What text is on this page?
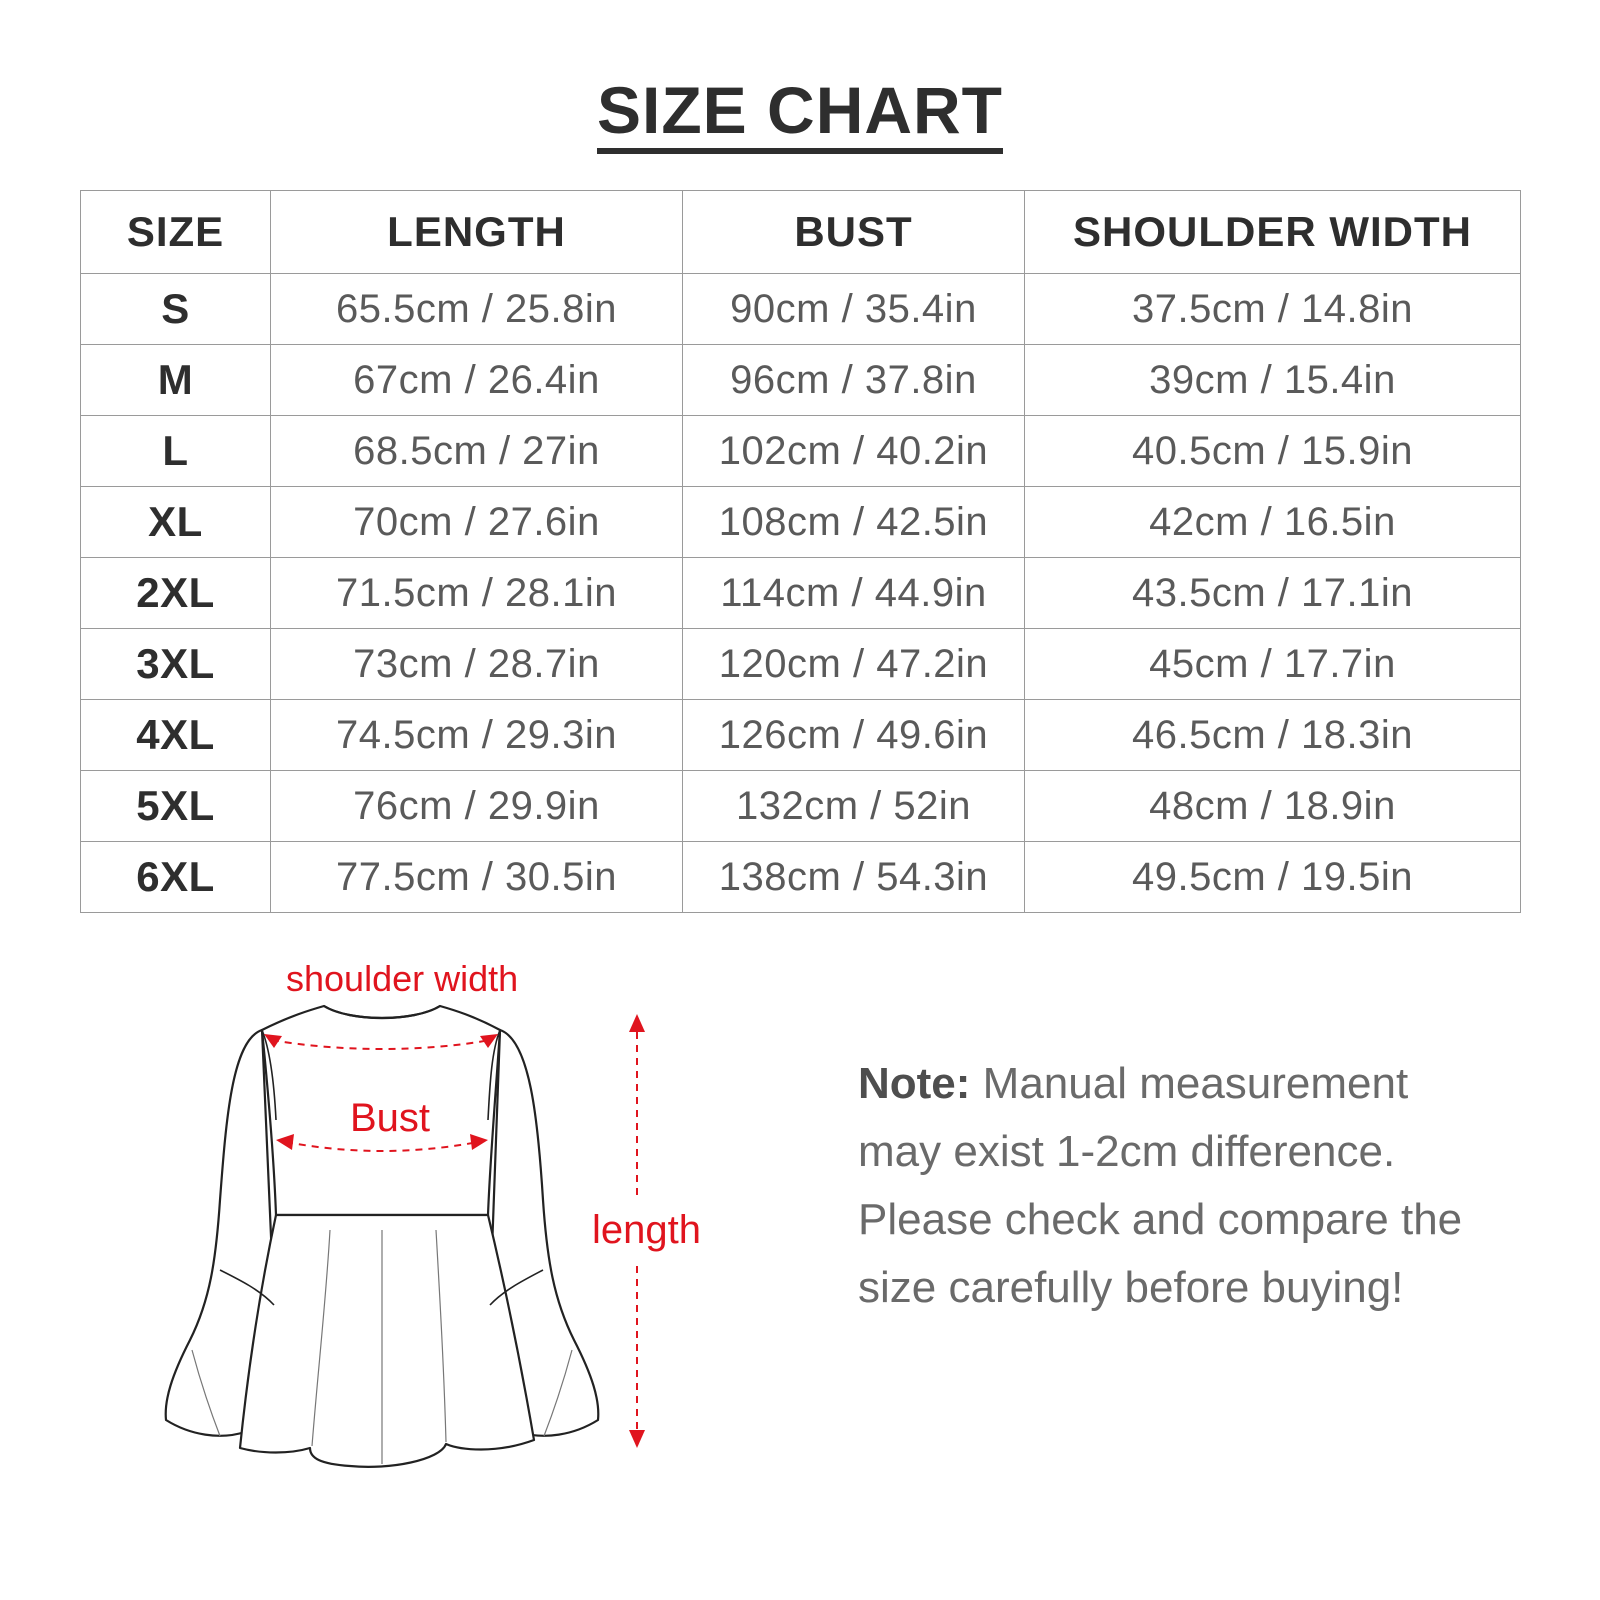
SIZE CHART
SIZE	LENGTH	BUST	SHOULDER WIDTH
S	65.5cm / 25.8in	90cm / 35.4in	37.5cm / 14.8in
M	67cm / 26.4in	96cm / 37.8in	39cm / 15.4in
L	68.5cm / 27in	102cm / 40.2in	40.5cm / 15.9in
XL	70cm / 27.6in	108cm / 42.5in	42cm / 16.5in
2XL	71.5cm / 28.1in	114cm / 44.9in	43.5cm / 17.1in
3XL	73cm / 28.7in	120cm / 47.2in	45cm / 17.7in
4XL	74.5cm / 29.3in	126cm / 49.6in	46.5cm / 18.3in
5XL	76cm / 29.9in	132cm / 52in	48cm / 18.9in
6XL	77.5cm / 30.5in	138cm / 54.3in	49.5cm / 19.5in
shoulder width
Bust
length
Note: Manual measurement may exist 1-2cm difference. Please check and compare the size carefully before buying!
